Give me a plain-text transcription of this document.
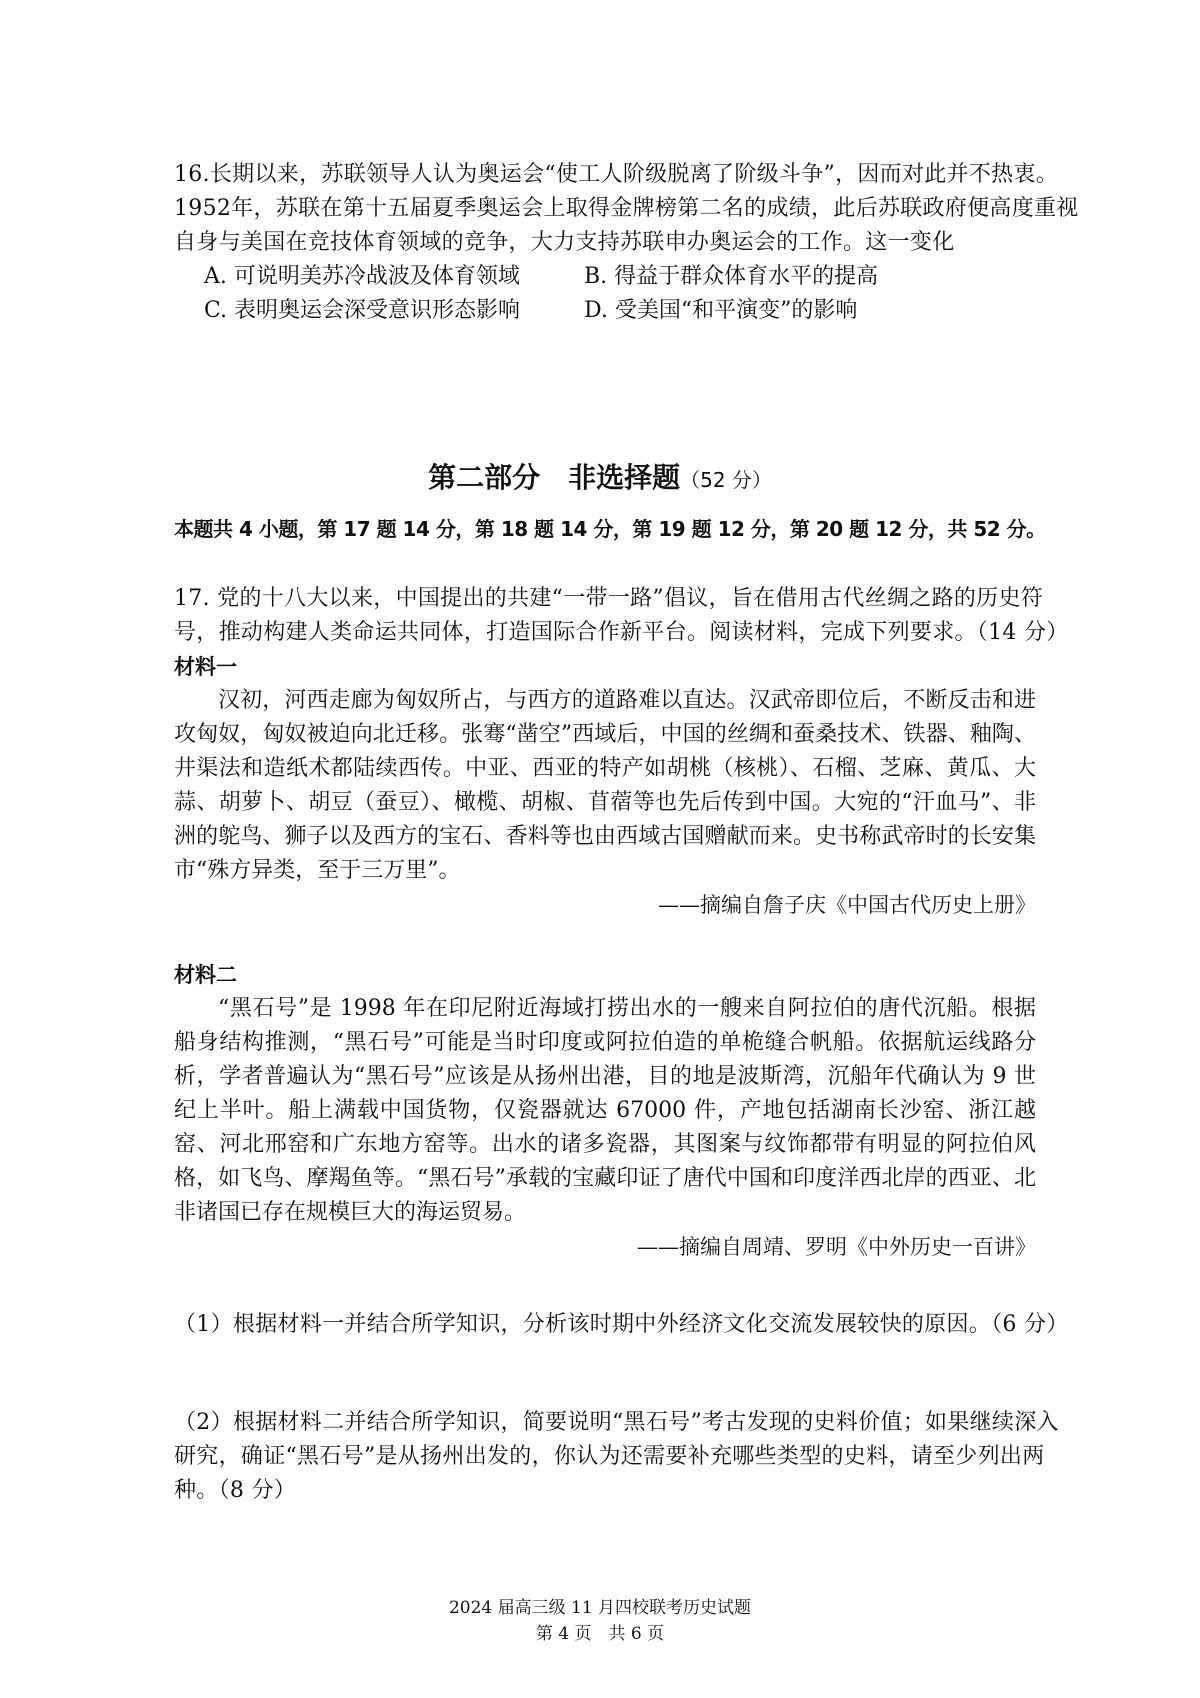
16.长期以来，苏联领导人认为奥运会“使工人阶级脱离了阶级斗争”，因而对此并不热衷。
1952年，苏联在第十五届夏季奥运会上取得金牌榜第二名的成绩，此后苏联政府便高度重视
自身与美国在竞技体育领域的竞争，大力支持苏联申办奥运会的工作。这一变化
A. 可说明美苏冷战波及体育领域	B. 得益于群众体育水平的提高
C. 表明奥运会深受意识形态影响	D. 受美国“和平演变”的影响
第二部分　非选择题（52 分）
本题共 4 小题，第 17 题 14 分，第 18 题 14 分，第 19 题 12 分，第 20 题 12 分，共 52 分。
17. 党的十八大以来，中国提出的共建“一带一路”倡议，旨在借用古代丝绸之路的历史符
号，推动构建人类命运共同体，打造国际合作新平台。阅读材料，完成下列要求。（14 分）
材料一
汉初，河西走廊为匈奴所占，与西方的道路难以直达。汉武帝即位后，不断反击和进攻匈奴，匈奴被迫向北迁移。张骞“凿空”西域后，中国的丝绸和蚕桑技术、铁器、釉陶、井渠法和造纸术都陆续西传。中亚、西亚的特产如胡桃（核桃）、石榴、芝麻、黄瓜、大蒜、胡萝卜、胡豆（蚕豆）、橄榄、胡椒、苜蓿等也先后传到中国。大宛的“汗血马”、非洲的鸵鸟、狮子以及西方的宝石、香料等也由西域古国赠献而来。史书称武帝时的长安集市“殊方异类，至于三万里”。
——摘编自詹子庆《中国古代历史上册》
材料二
“黑石号”是 1998 年在印尼附近海域打捞出水的一艘来自阿拉伯的唐代沉船。根据船身结构推测，“黑石号”可能是当时印度或阿拉伯造的单桅缝合帆船。依据航运线路分析，学者普遍认为“黑石号”应该是从扬州出港，目的地是波斯湾，沉船年代确认为 9 世纪上半叶。船上满载中国货物，仅瓷器就达 67000 件，产地包括湖南长沙窑、浙江越窑、河北邢窑和广东地方窑等。出水的诸多瓷器，其图案与纹饰都带有明显的阿拉伯风格，如飞鸟、摩羯鱼等。“黑石号”承载的宝藏印证了唐代中国和印度洋西北岸的西亚、北非诸国已存在规模巨大的海运贸易。
——摘编自周靖、罗明《中外历史一百讲》
（1）根据材料一并结合所学知识，分析该时期中外经济文化交流发展较快的原因。（6 分）
（2）根据材料二并结合所学知识，简要说明“黑石号”考古发现的史料价值；如果继续深入
研究，确证“黑石号”是从扬州出发的，你认为还需要补充哪些类型的史料，请至少列出两
种。（8 分）
2024 届高三级 11 月四校联考历史试题
第 4 页　共 6 页
